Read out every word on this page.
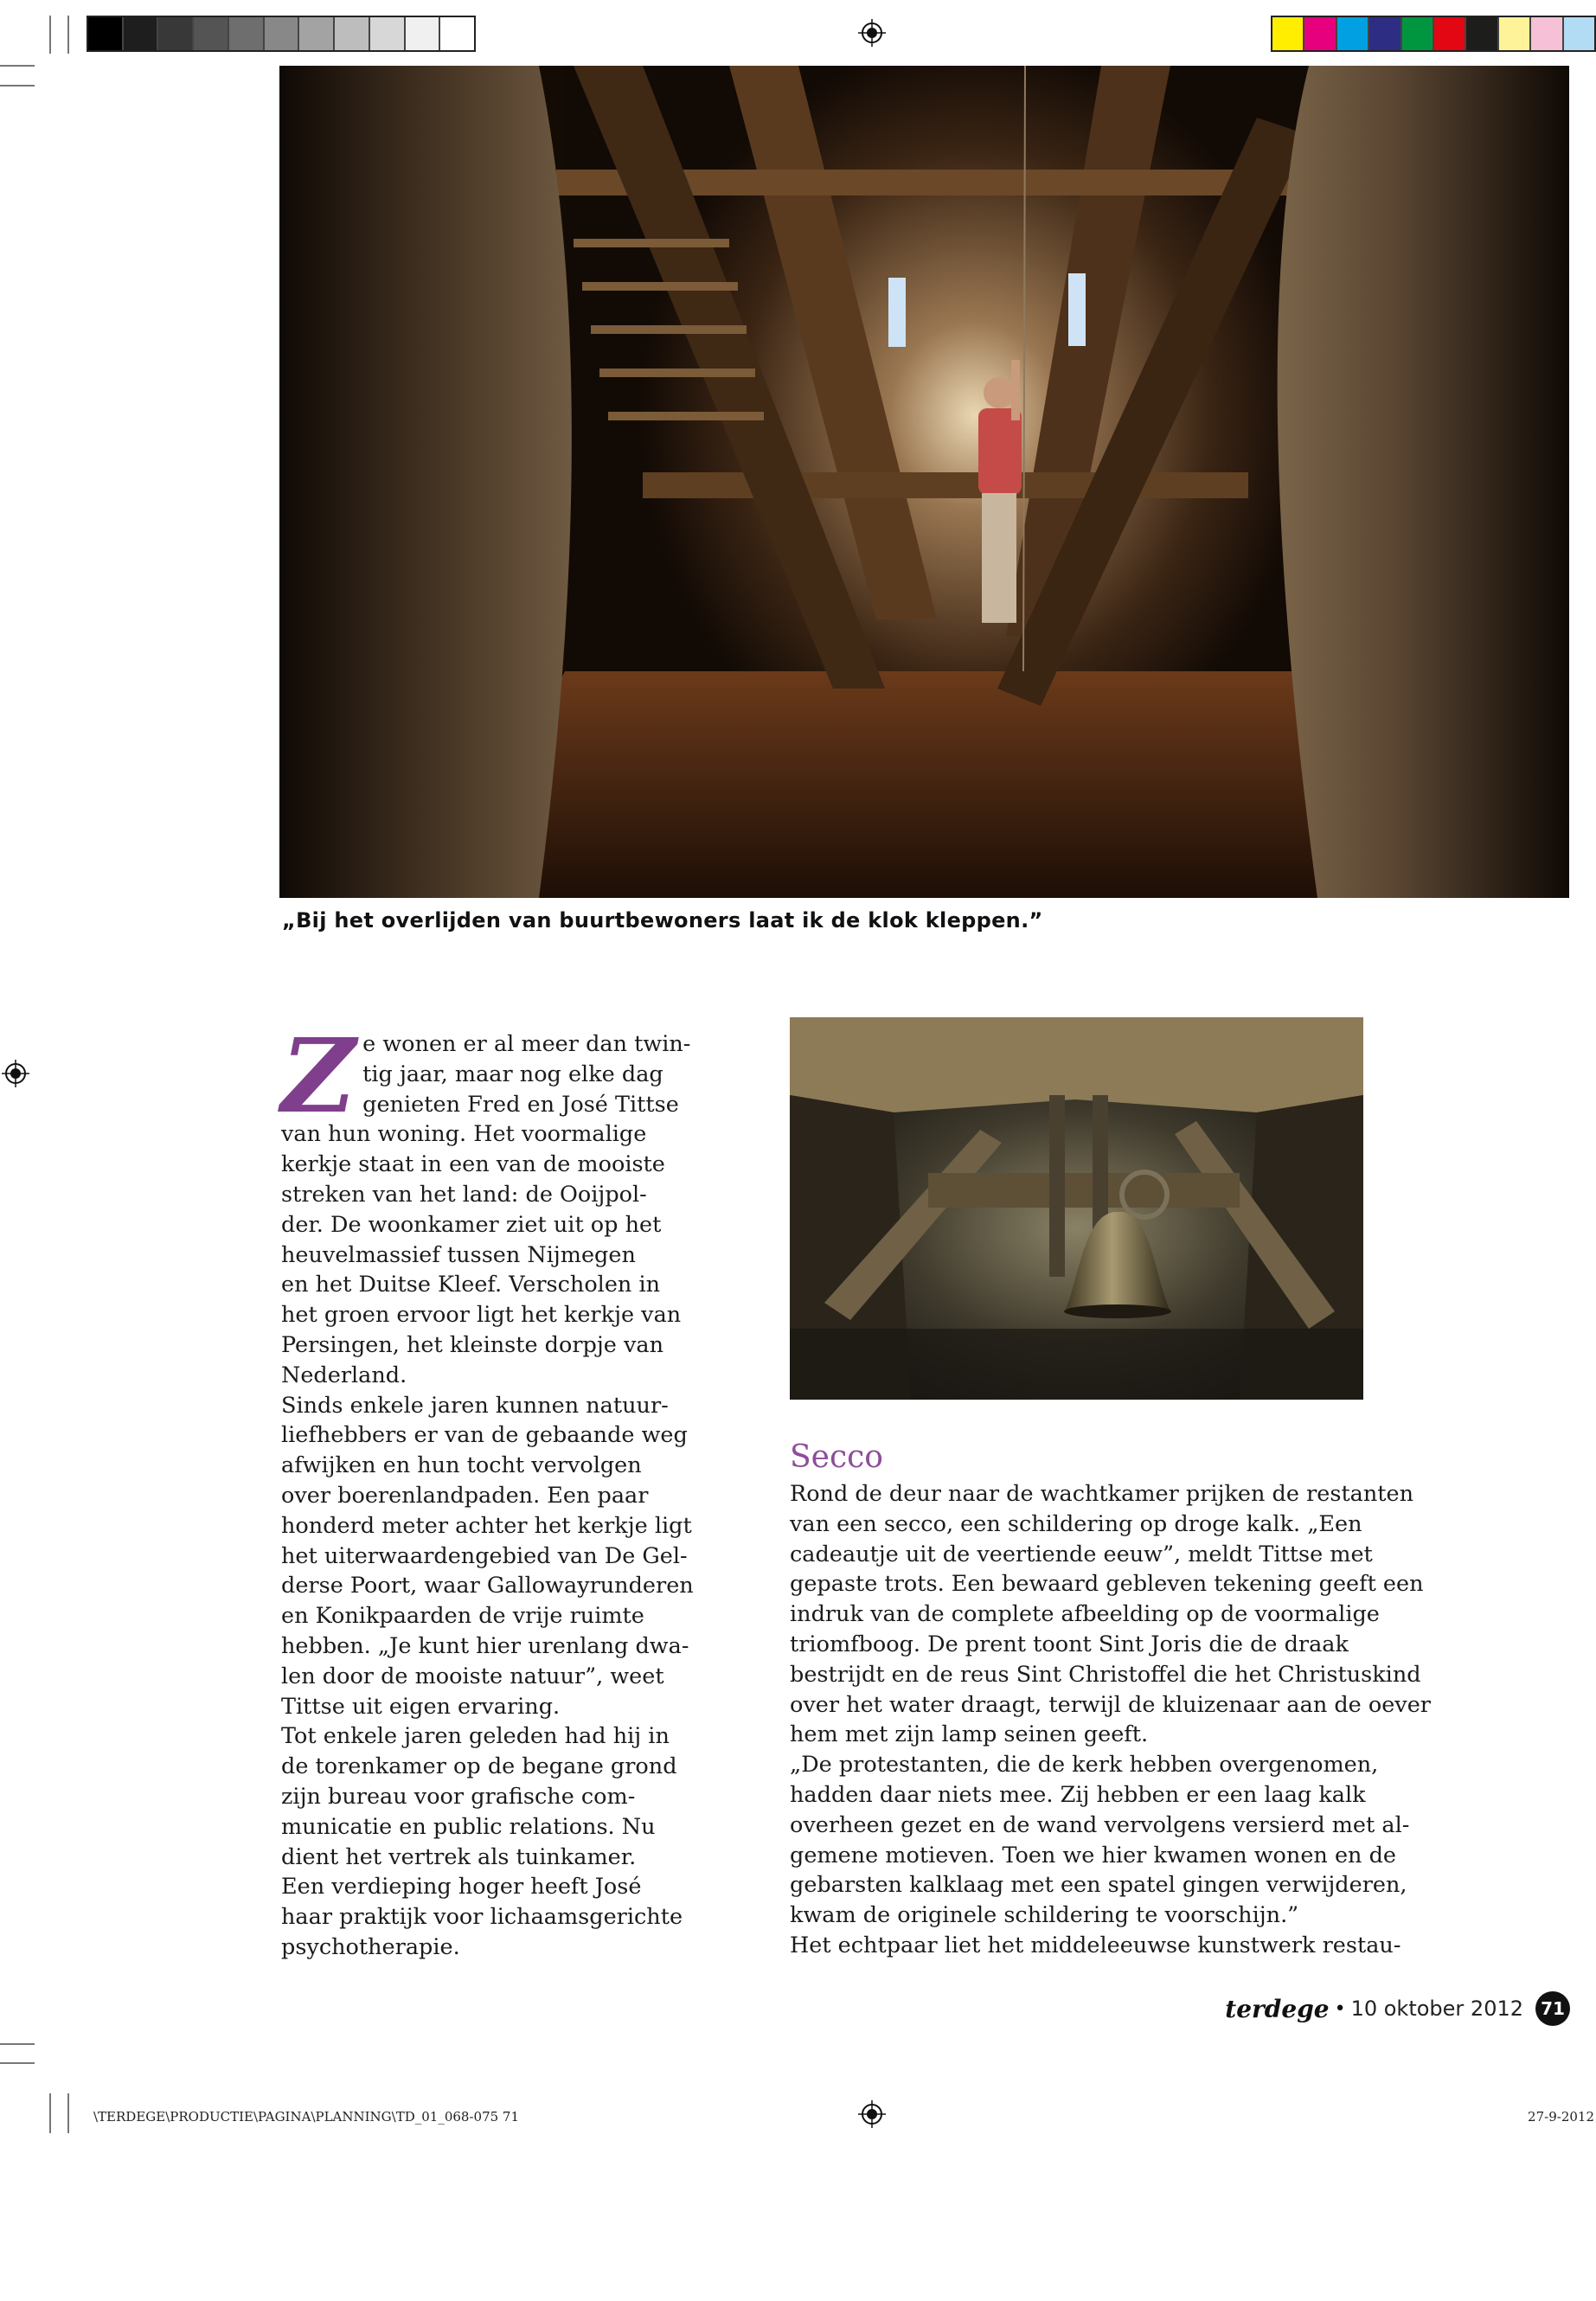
„Bij het overlijden van buurtbewoners laat ik de klok kleppen.”
Z e wonen er al meer dan twin-

tig jaar, maar nog elke dag

genieten Fred en José Tittse

van hun woning. Het voormalige

kerkje staat in een van de mooiste

streken van het land: de Ooijpol-

der. De woonkamer ziet uit op het

heuvelmassief tussen Nijmegen

en het Duitse Kleef. Verscholen in

het groen ervoor ligt het kerkje van

Persingen, het kleinste dorpje van

Nederland.

Sinds enkele jaren kunnen natuur-

liefhebbers er van de gebaande weg

afwijken en hun tocht vervolgen

over boerenlandpaden. Een paar

honderd meter achter het kerkje ligt

het uiterwaardengebied van De Gel-

derse Poort, waar Gallowayrunderen

en Konikpaarden de vrije ruimte

hebben. „Je kunt hier urenlang dwa-

len door de mooiste natuur”, weet

Tittse uit eigen ervaring.

Tot enkele jaren geleden had hij in

de torenkamer op de begane grond

zijn bureau voor grafische com-

municatie en public relations. Nu

dient het vertrek als tuinkamer.

Een verdieping hoger heeft José

haar praktijk voor lichaamsgerichte

psychotherapie.

Secco

Rond de deur naar de wachtkamer prijken de restanten

van een secco, een schildering op droge kalk. „Een

cadeautje uit de veertiende eeuw”, meldt Tittse met

gepaste trots. Een bewaard gebleven tekening geeft een

indruk van de complete afbeelding op de voormalige

triomfboog. De prent toont Sint Joris die de draak

bestrijdt en de reus Sint Christoffel die het Christuskind

over het water draagt, terwijl de kluizenaar aan de oever

hem met zijn lamp seinen geeft.

„De protestanten, die de kerk hebben overgenomen,

hadden daar niets mee. Zij hebben er een laag kalk

overheen gezet en de wand vervolgens versierd met al-

gemene motieven. Toen we hier kwamen wonen en de

gebarsten kalklaag met een spatel gingen verwijderen,

kwam de originele schildering te voorschijn.”

Het echtpaar liet het middeleeuwse kunstwerk restau-

terdege • 10 oktober 2012	71
\TERDEGE\PRODUCTIE\PAGINA\PLANNING\TD_01_068-075 71	27-9-2012
